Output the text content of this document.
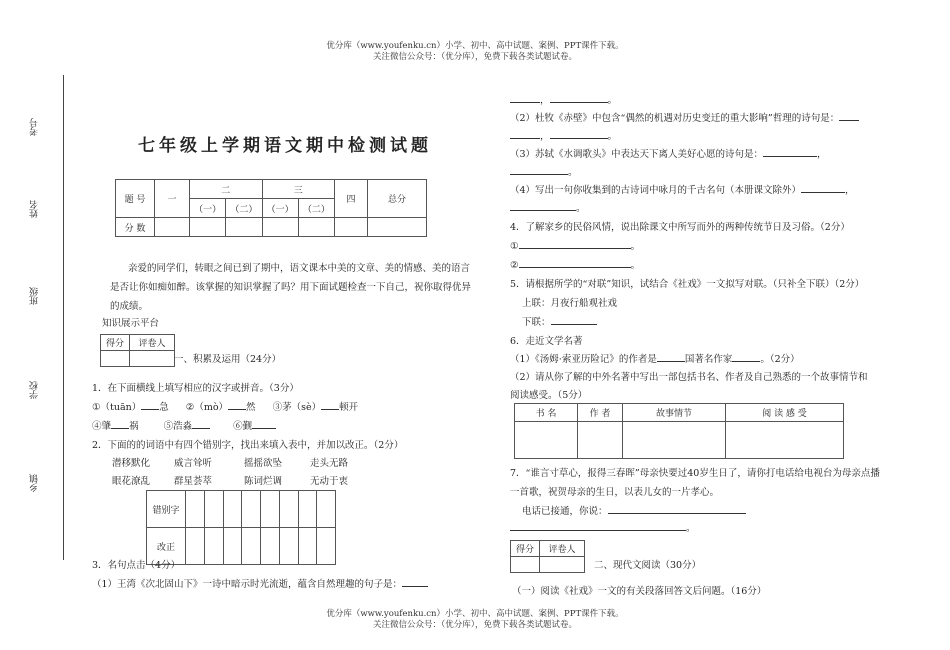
优分库（www.youfenku.cn）小学、初中、高中试题、案例、PPT课件下载。
关注微信公众号：（优分库），免费下载各类试题试卷。
优分库（www.youfenku.cn）小学、初中、高中试题、案例、PPT课件下载。
关注微信公众号：（优分库），免费下载各类试题试卷。
考号
姓名
班级
学校
乡镇
七年级上学期语文期中检测试题
题 号	一	二		三		四	总分
		（一）	（二）	（一）	（二）		
分 数							

亲爱的同学们，转眼之间已到了期中，语文课本中美的文章、美的情感、美的语言

是否让你如痴如醉。该掌握的知识掌握了吗？用下面试题检查一下自己，祝你取得优异

的成绩。

知识展示平台
得分	评卷人

一、积累及运用（24分）
1．在下面横线上填写相应的汉字或拼音。（3分）
①（tuān） 急 ②（mò） 然 ③茅（sè） 顿开
④肇 祸	⑤浩淼	⑥觐
2．下面的的词语中有四个错别字，找出来填入表中，并加以改正。（2分）
潜移默化	威言耸听	摇摇欲坠	走头无路
眼花潦乱	群星荟萃	陈词烂调	无动于衷
错别字								
改正								
3．名句点击（4分）
（1）王湾《次北固山下》一诗中暗示时光流逝，蕴含自然理趣的句子是：
，	。
（2）杜牧《赤壁》中包含“偶然的机遇对历史变迁的重大影响”哲理的诗句是：
，	。
（3）苏轼《水调歌头》中表达天下离人美好心愿的诗句是：	，
。
（4）写出一句你收集到的古诗词中咏月的千古名句（本册课文除外）	，
。
4．了解家乡的民俗风情，说出除课文中所写而外的两种传统节日及习俗。（2分）
①	。
②	。
5．请根据所学的“对联”知识，试结合《社戏》一文拟写对联。（只补全下联）（2分）
上联：月夜行船观社戏
下联：
6．走近文学名著
（1）《汤姆·索亚历险记》的作者是	国著名作家	。（2分）
（2）请从你了解的中外名著中写出一部包括书名、作者及自己熟悉的一个故事情节和
阅读感受。（5分）
书 名	作 者	故事情节	阅 读 感 受

7．“谁言寸草心，报得三春晖”母亲快要过40岁生日了，请你打电话给电视台为母亲点播
一首歌，祝贺母亲的生日，以表儿女的一片孝心。
电话已接通，你说：
。
得分	评卷人

二、现代文阅读（30分）
（一）阅读《社戏》一文的有关段落回答文后问题。（16分）
